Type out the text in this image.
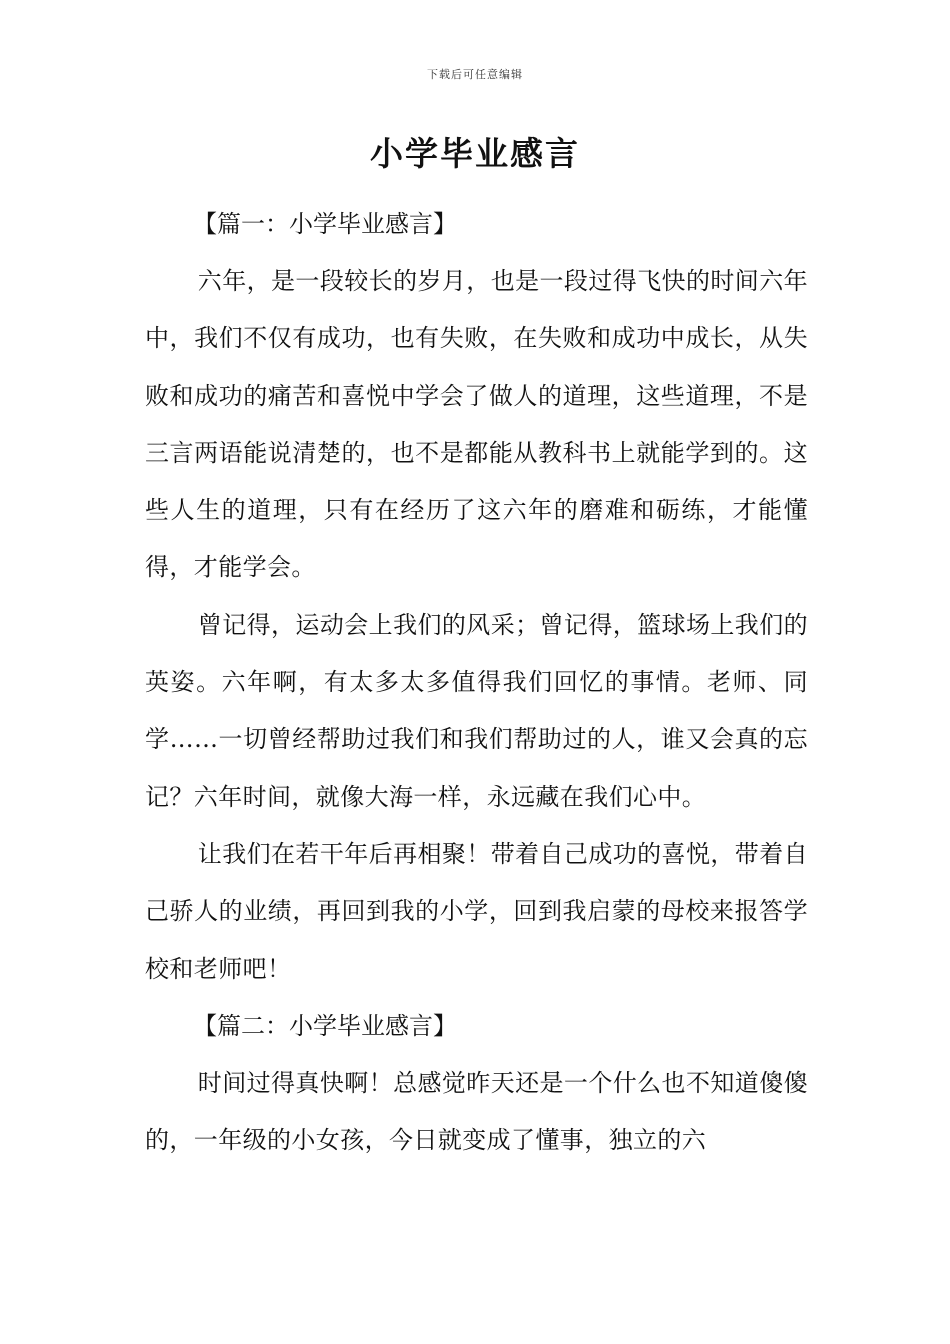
下载后可任意编辑
小学毕业感言

【篇一：小学毕业感言】

六年，是一段较长的岁月，也是一段过得飞快的时间六年中，我们不仅有成功，也有失败，在失败和成功中成长，从失败和成功的痛苦和喜悦中学会了做人的道理，这些道理，不是三言两语能说清楚的，也不是都能从教科书上就能学到的。这些人生的道理，只有在经历了这六年的磨难和砺练，才能懂得，才能学会。

曾记得，运动会上我们的风采；曾记得，篮球场上我们的英姿。六年啊，有太多太多值得我们回忆的事情。老师、同学……一切曾经帮助过我们和我们帮助过的人，谁又会真的忘记？六年时间，就像大海一样，永远藏在我们心中。

让我们在若干年后再相聚！带着自己成功的喜悦，带着自己骄人的业绩，再回到我的小学，回到我启蒙的母校来报答学校和老师吧！

【篇二：小学毕业感言】

时间过得真快啊！总感觉昨天还是一个什么也不知道傻傻的，一年级的小女孩，今日就变成了懂事，独立的六
